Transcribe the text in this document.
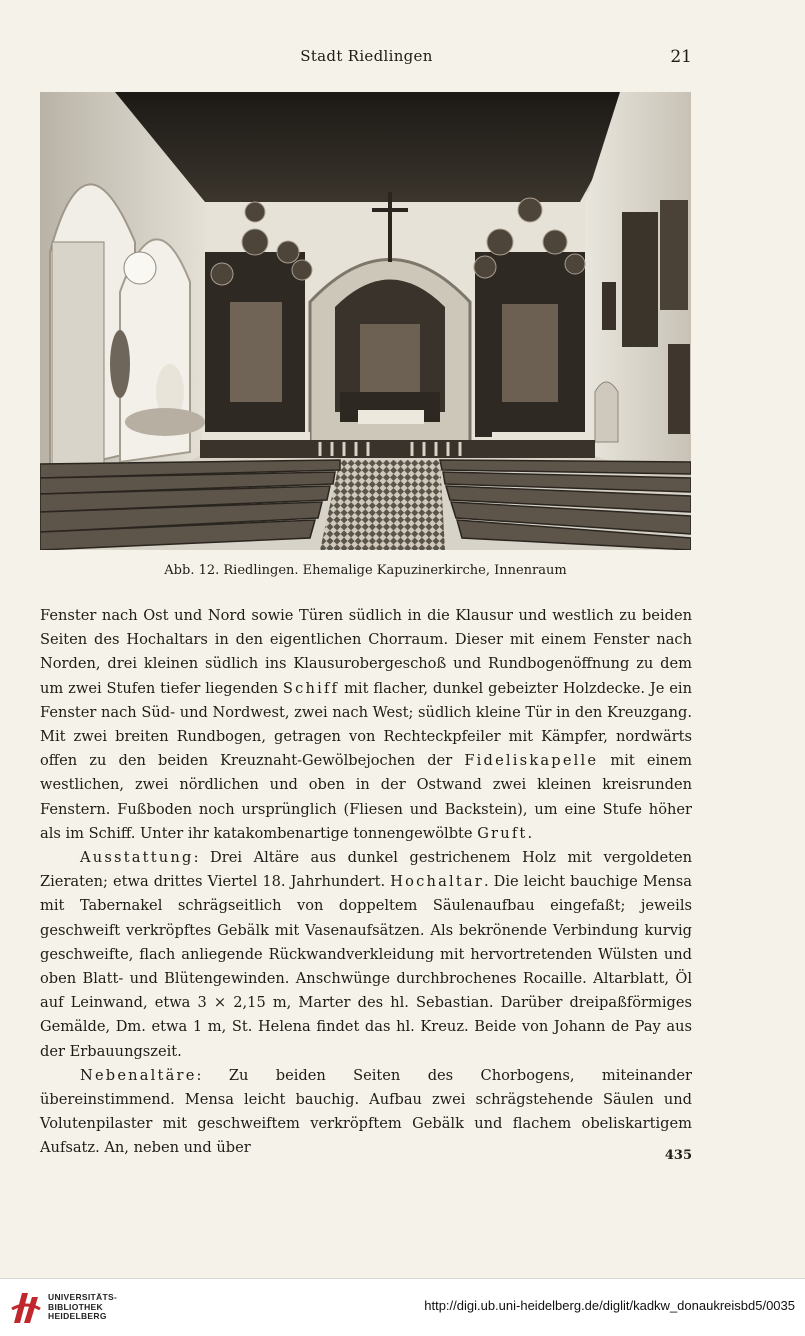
Stadt Riedlingen	21
Abb. 12. Riedlingen. Ehemalige Kapuzinerkirche, Innenraum

Fenster nach Ost und Nord sowie Türen südlich in die Klausur und westlich zu beiden Seiten des Hochaltars in den eigentlichen Chorraum. Dieser mit einem Fenster nach Norden, drei kleinen südlich ins Klausurobergeschoß und Rundbogenöffnung zu dem um zwei Stufen tiefer liegenden Schiff mit flacher, dunkel gebeizter Holzdecke. Je ein Fenster nach Süd- und Nordwest, zwei nach West; südlich kleine Tür in den Kreuzgang. Mit zwei breiten Rundbogen, getragen von Rechteckpfeiler mit Kämpfer, nordwärts offen zu den beiden Kreuznaht-Gewölbejochen der Fideliskapelle mit einem westlichen, zwei nördlichen und oben in der Ostwand zwei kleinen kreisrunden Fenstern. Fußboden noch ursprünglich (Fliesen und Backstein), um eine Stufe höher als im Schiff. Unter ihr katakombenartige tonnengewölbte Gruft.

Ausstattung: Drei Altäre aus dunkel gestrichenem Holz mit vergoldeten Zieraten; etwa drittes Viertel 18. Jahrhundert. Hochaltar. Die leicht bauchige Mensa mit Tabernakel schrägseitlich von doppeltem Säulenaufbau eingefaßt; jeweils geschweift verkröpftes Gebälk mit Vasenaufsätzen. Als bekrönende Verbindung kurvig geschweifte, flach anliegende Rückwandverkleidung mit hervortretenden Wülsten und oben Blatt- und Blütengewinden. Anschwünge durchbrochenes Rocaille. Altarblatt, Öl auf Leinwand, etwa 3 × 2,15 m, Marter des hl. Sebastian. Darüber dreipaßförmiges Gemälde, Dm. etwa 1 m, St. Helena findet das hl. Kreuz. Beide von Johann de Pay aus der Erbauungszeit.

Nebenaltäre: Zu beiden Seiten des Chorbogens, miteinander übereinstimmend. Mensa leicht bauchig. Aufbau zwei schrägstehende Säulen und Volutenpilaster mit geschweiftem verkröpftem Gebälk und flachem obeliskartigem Aufsatz. An, neben und über	435
UNIVERSITÄTS-
BIBLIOTHEK
HEIDELBERG
http://digi.ub.uni-heidelberg.de/diglit/kadkw_donaukreisbd5/0035
